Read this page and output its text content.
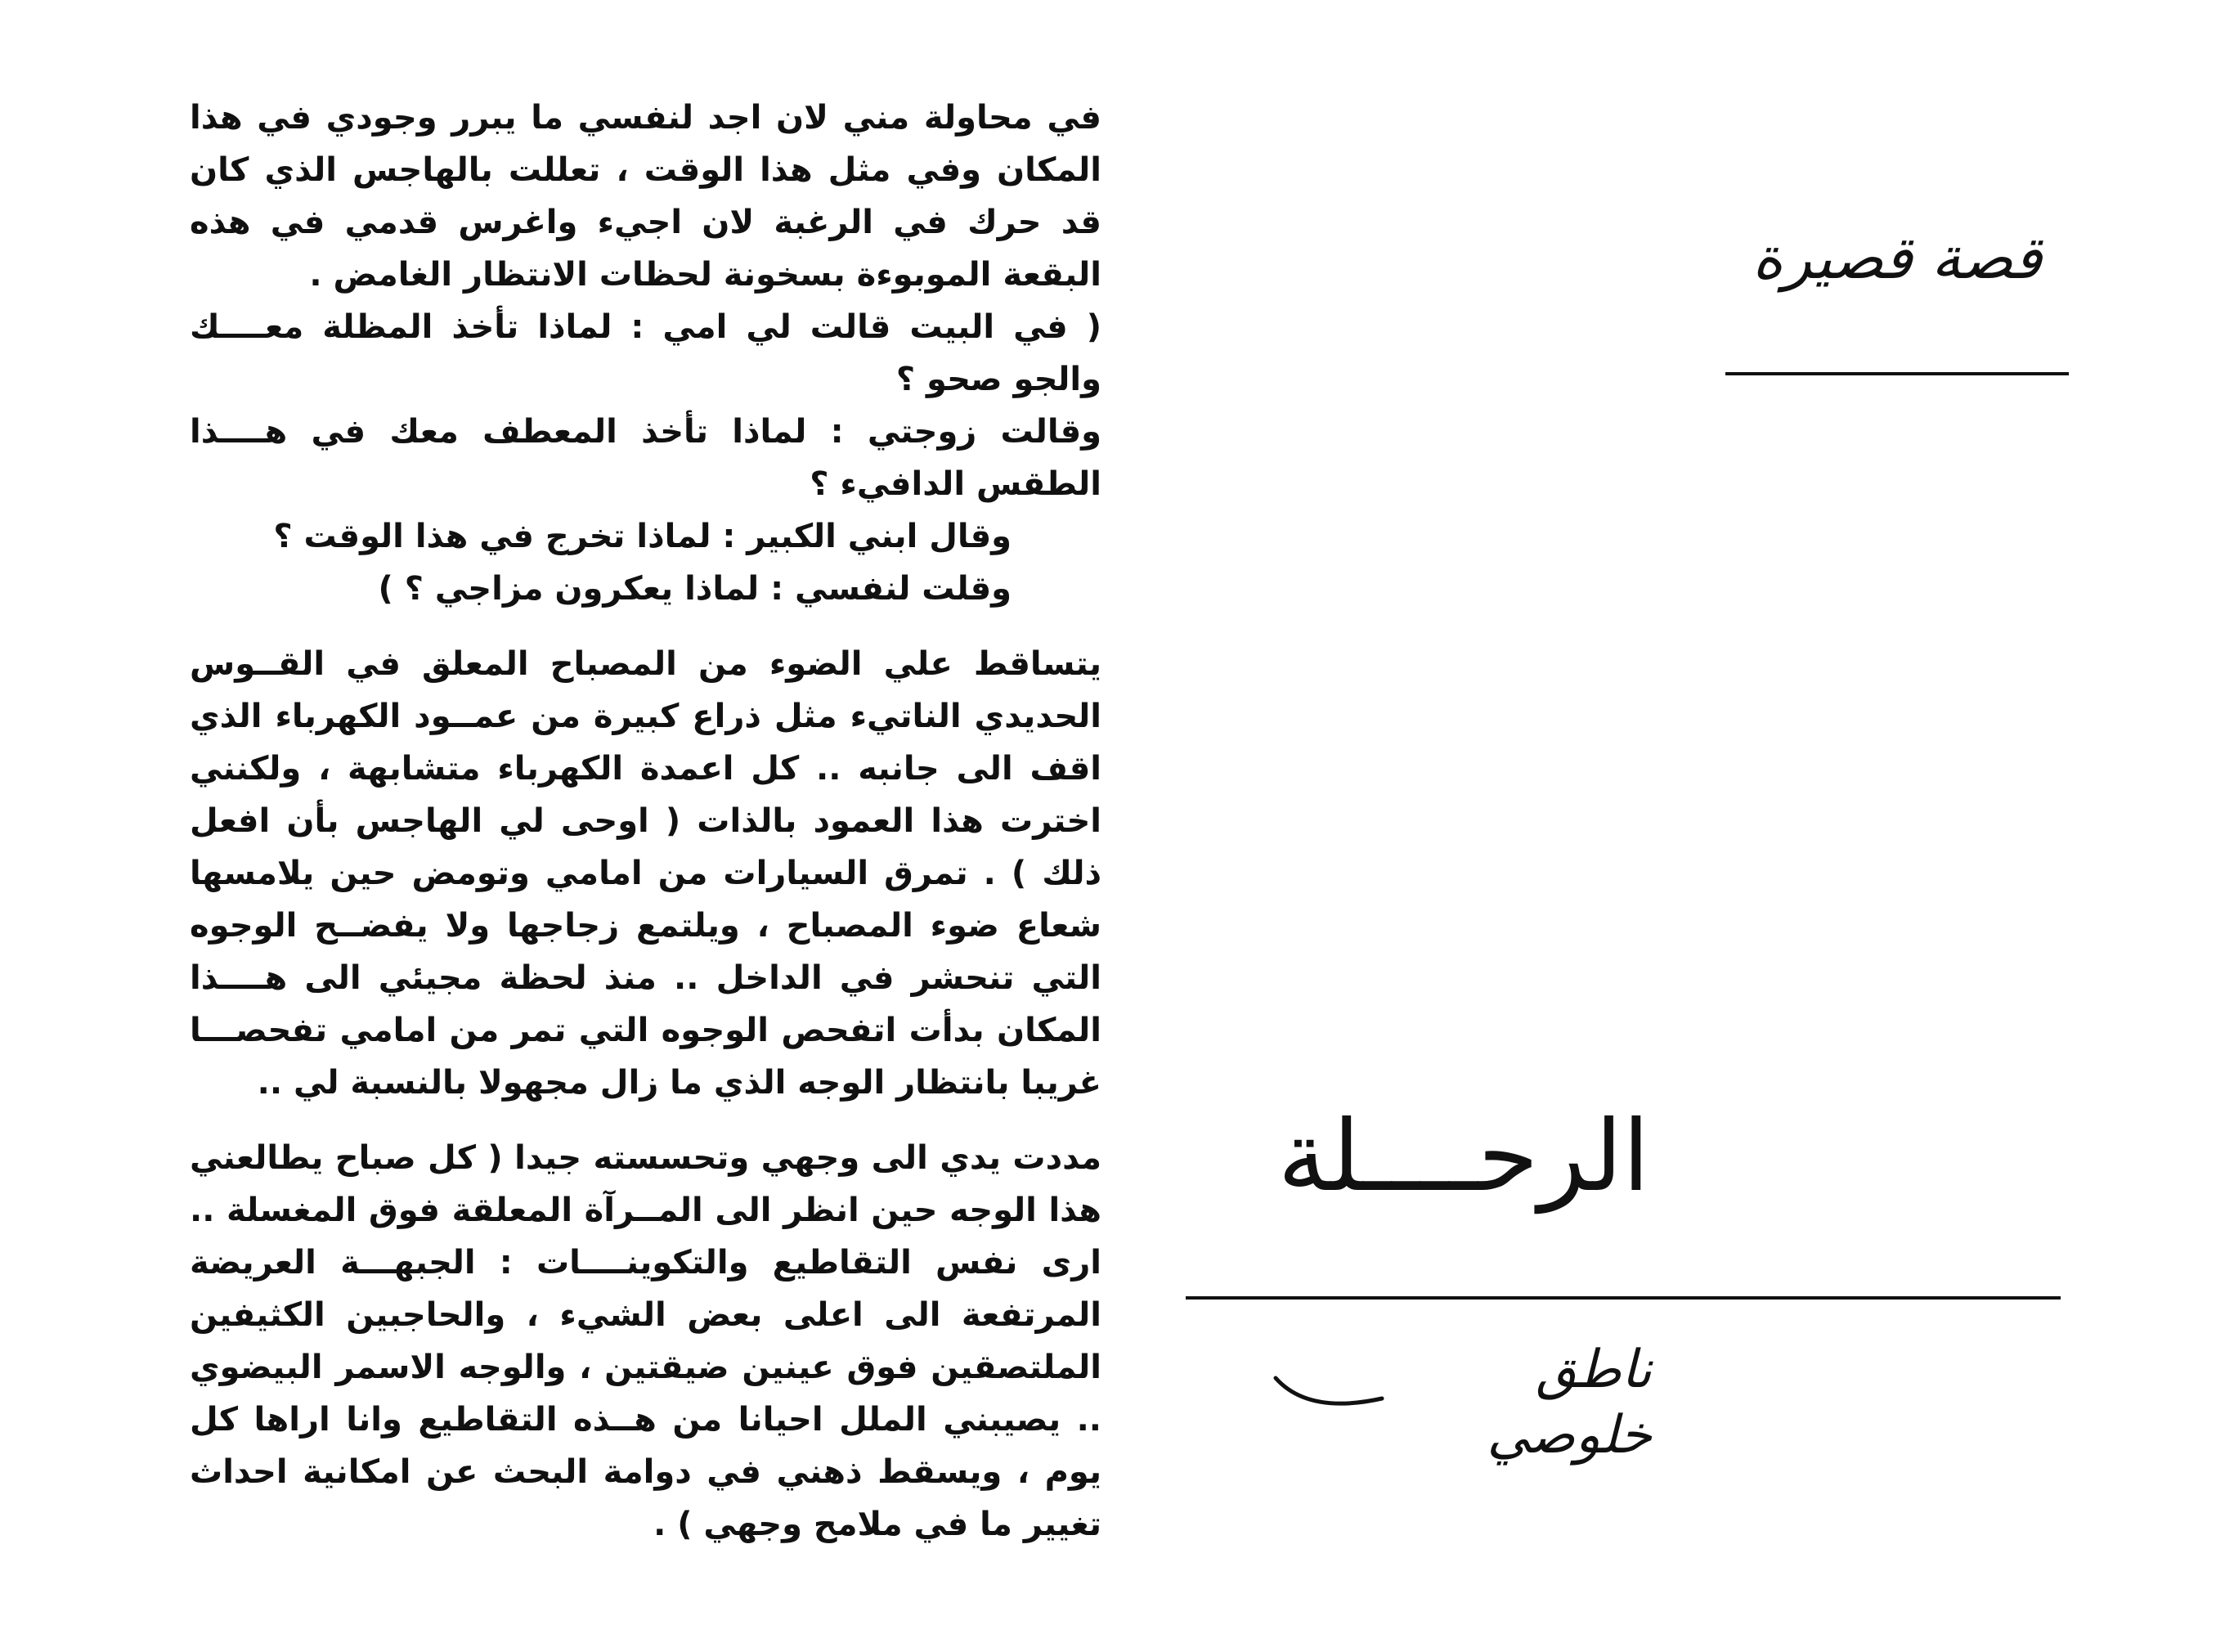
في محاولة مني لان اجد لنفسي ما يبرر وجودي في هذا المكان وفي مثل هذا الوقت ، تعللت بالهاجس الذي كان قد حرك في الرغبة لان اجيء واغرس قدمي في هذه البقعة الموبوءة بسخونة لحظات الانتظار الغامض .

( في البيت قالت لي امي : لماذا تأخذ المظلة معــــك والجو صحو ؟

وقالت زوجتي : لماذا تأخذ المعطف معك في هــــذا الطقس الدافيء ؟

وقال ابني الكبير : لماذا تخرج في هذا الوقت ؟

وقلت لنفسي : لماذا يعكرون مزاجي ؟ )

يتساقط علي الضوء من المصباح المعلق في القــوس الحديدي الناتيء مثل ذراع كبيرة من عمــود الكهرباء الذي اقف الى جانبه .. كل اعمدة الكهرباء متشابهة ، ولكنني اخترت هذا العمود بالذات ( اوحى لي الهاجس بأن افعل ذلك ) . تمرق السيارات من امامي وتومض حين يلامسها شعاع ضوء المصباح ، ويلتمع زجاجها ولا يفضــح الوجوه التي تنحشر في الداخل .. منذ لحظة مجيئي الى هــــذا المكان بدأت اتفحص الوجوه التي تمر من امامي تفحصـــا غريبا بانتظار الوجه الذي ما زال مجهولا بالنسبة لي ..

مددت يدي الى وجهي وتحسسته جيدا ( كل صباح يطالعني هذا الوجه حين انظر الى المــرآة المعلقة فوق المغسلة .. ارى نفس التقاطيع والتكوينــــات : الجبهـــة العريضة المرتفعة الى اعلى بعض الشيء ، والحاجبين الكثيفين الملتصقين فوق عينين ضيقتين ، والوجه الاسمر البيضوي .. يصيبني الملل احيانا من هــذه التقاطيع وانا اراها كل يوم ، ويسقط ذهني في دوامة البحث عن امكانية احداث تغيير ما في ملامح وجهي ) .

قصة قصيرة
الرحــــلة
ناطق خلوصي
